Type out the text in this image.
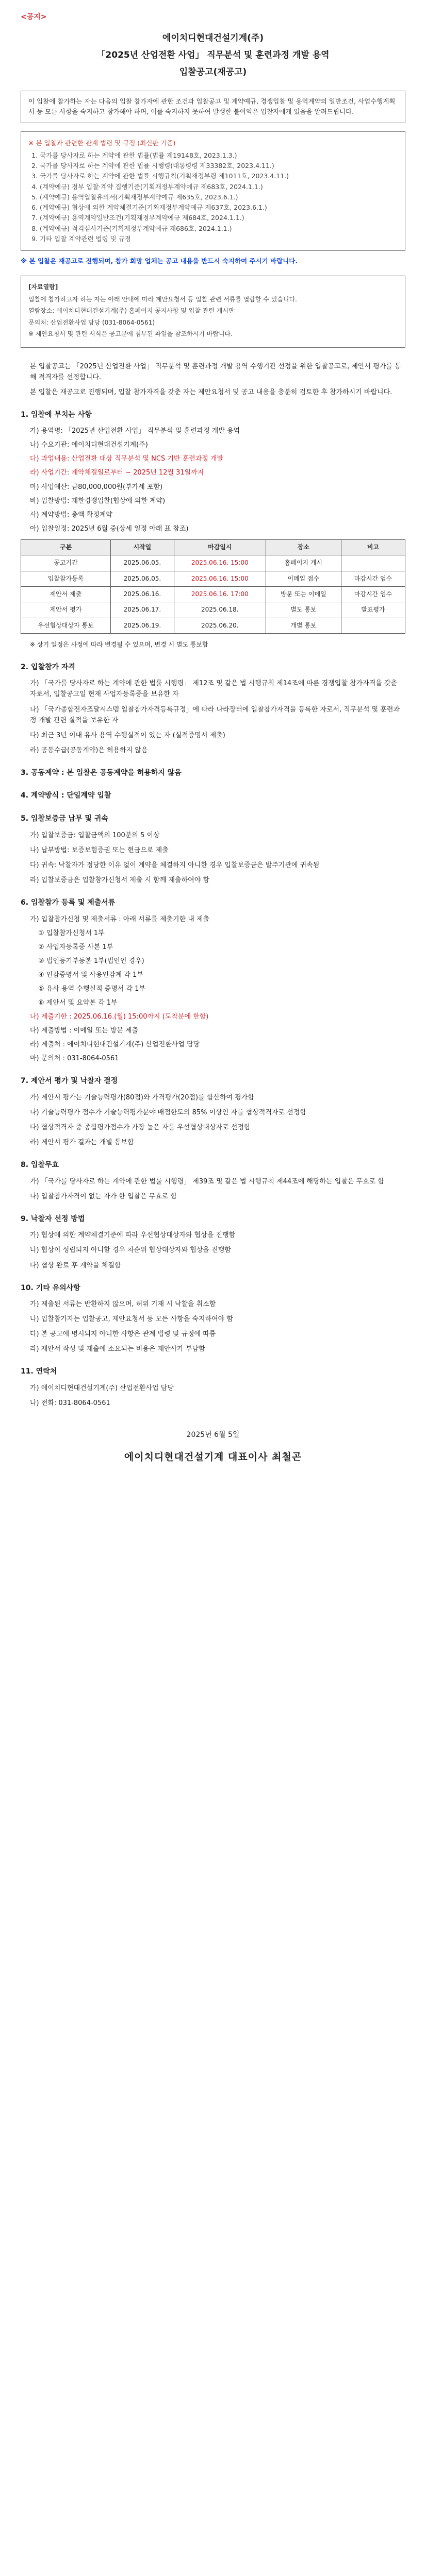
<공지>
에이치디현대건설기계(주)
「2025년 산업전환 사업」 직무분석 및 훈련과정 개발 용역
입찰공고(재공고)

이 입찰에 참가하는 자는 다음의 입찰 참가자에 관한 조건과 입찰공고 및 계약예규, 경쟁입찰 및 용역계약의 일반조건, 사업수행계획서 등 모든 사항을 숙지하고 참가해야 하며, 이를 숙지하지 못하여 발생한 불이익은 입찰자에게 있음을 알려드립니다.

※ 본 입찰과 관련한 관계 법령 및 규정 (최신판 기준)
1. 국가를 당사자로 하는 계약에 관한 법률(법률 제19148호, 2023.1.3.)
2. 국가를 당사자로 하는 계약에 관한 법률 시행령(대통령령 제33382호, 2023.4.11.)
3. 국가를 당사자로 하는 계약에 관한 법률 시행규칙(기획재정부령 제1011호, 2023.4.11.)
4. (계약예규) 정부 입찰·계약 집행기준(기획재정부계약예규 제683호, 2024.1.1.)
5. (계약예규) 용역입찰유의서(기획재정부계약예규 제635호, 2023.6.1.)
6. (계약예규) 협상에 의한 계약체결기준(기획재정부계약예규 제637호, 2023.6.1.)
7. (계약예규) 용역계약일반조건(기획재정부계약예규 제684호, 2024.1.1.)
8. (계약예규) 적격심사기준(기획재정부계약예규 제686호, 2024.1.1.)
9. 기타 입찰 계약관련 법령 및 규정
※ 본 입찰은 재공고로 진행되며, 참가 희망 업체는 공고 내용을 반드시 숙지하여 주시기 바랍니다.
[자료열람]

입찰에 참가하고자 하는 자는 아래 안내에 따라 제안요청서 등 입찰 관련 서류를 열람할 수 있습니다.

열람장소: 에이치디현대건설기계(주) 홈페이지 공지사항 및 입찰 관련 게시판

문의처: 산업전환사업 담당 (031-8064-0561)

※ 제안요청서 및 관련 서식은 공고문에 첨부된 파일을 참조하시기 바랍니다.

본 입찰공고는 「2025년 산업전환 사업」 직무분석 및 훈련과정 개발 용역 수행기관 선정을 위한 입찰공고로, 제안서 평가를 통해 적격자를 선정합니다.
본 입찰은 재공고로 진행되며, 입찰 참가자격을 갖춘 자는 제안요청서 및 공고 내용을 충분히 검토한 후 참가하시기 바랍니다.
1. 입찰에 부치는 사항
가) 용역명: 「2025년 산업전환 사업」 직무분석 및 훈련과정 개발 용역
나) 수요기관: 에이치디현대건설기계(주)
다) 과업내용: 산업전환 대상 직무분석 및 NCS 기반 훈련과정 개발
라) 사업기간: 계약체결일로부터 ~ 2025년 12월 31일까지
마) 사업예산: 금80,000,000원(부가세 포함)
바) 입찰방법: 제한경쟁입찰(협상에 의한 계약)
사) 계약방법: 총액 확정계약
아) 입찰일정: 2025년 6월 중(상세 일정 아래 표 참조)
구분	시작일	마감일시	장소	비고
공고기간	2025.06.05.	2025.06.16. 15:00	홈페이지 게시	
입찰참가등록	2025.06.05.	2025.06.16. 15:00	이메일 접수	마감시간 엄수
제안서 제출	2025.06.16.	2025.06.16. 17:00	방문 또는 이메일	마감시간 엄수
제안서 평가	2025.06.17.	2025.06.18.	별도 통보	발표평가
우선협상대상자 통보	2025.06.19.	2025.06.20.	개별 통보	
※ 상기 일정은 사정에 따라 변경될 수 있으며, 변경 시 별도 통보함
2. 입찰참가 자격
가) 「국가를 당사자로 하는 계약에 관한 법률 시행령」 제12조 및 같은 법 시행규칙 제14조에 따른 경쟁입찰 참가자격을 갖춘 자로서, 입찰공고일 현재 사업자등록증을 보유한 자
나) 「국가종합전자조달시스템 입찰참가자격등록규정」에 따라 나라장터에 입찰참가자격을 등록한 자로서, 직무분석 및 훈련과정 개발 관련 실적을 보유한 자
다) 최근 3년 이내 유사 용역 수행실적이 있는 자 (실적증명서 제출)
라) 공동수급(공동계약)은 허용하지 않음
3. 공동계약 : 본 입찰은 공동계약을 허용하지 않음
4. 계약방식 : 단일계약 입찰
5. 입찰보증금 납부 및 귀속
가) 입찰보증금: 입찰금액의 100분의 5 이상
나) 납부방법: 보증보험증권 또는 현금으로 제출
다) 귀속: 낙찰자가 정당한 이유 없이 계약을 체결하지 아니한 경우 입찰보증금은 발주기관에 귀속됨
라) 입찰보증금은 입찰참가신청서 제출 시 함께 제출하여야 함
6. 입찰참가 등록 및 제출서류
가) 입찰참가신청 및 제출서류 : 아래 서류를 제출기한 내 제출
① 입찰참가신청서 1부
② 사업자등록증 사본 1부
③ 법인등기부등본 1부(법인인 경우)
④ 인감증명서 및 사용인감계 각 1부
⑤ 유사 용역 수행실적 증명서 각 1부
⑥ 제안서 및 요약본 각 1부
나) 제출기한 : 2025.06.16.(월) 15:00까지 (도착분에 한함)
다) 제출방법 : 이메일 또는 방문 제출
라) 제출처 : 에이치디현대건설기계(주) 산업전환사업 담당
마) 문의처 : 031-8064-0561
7. 제안서 평가 및 낙찰자 결정
가) 제안서 평가는 기술능력평가(80점)와 가격평가(20점)를 합산하여 평가함
나) 기술능력평가 점수가 기술능력평가분야 배점한도의 85% 이상인 자를 협상적격자로 선정함
다) 협상적격자 중 종합평가점수가 가장 높은 자를 우선협상대상자로 선정함
라) 제안서 평가 결과는 개별 통보함
8. 입찰무효
가) 「국가를 당사자로 하는 계약에 관한 법률 시행령」 제39조 및 같은 법 시행규칙 제44조에 해당하는 입찰은 무효로 함
나) 입찰참가자격이 없는 자가 한 입찰은 무효로 함
9. 낙찰자 선정 방법
가) 협상에 의한 계약체결기준에 따라 우선협상대상자와 협상을 진행함
나) 협상이 성립되지 아니할 경우 차순위 협상대상자와 협상을 진행함
다) 협상 완료 후 계약을 체결함
10. 기타 유의사항
가) 제출된 서류는 반환하지 않으며, 허위 기재 시 낙찰을 취소함
나) 입찰참가자는 입찰공고, 제안요청서 등 모든 사항을 숙지하여야 함
다) 본 공고에 명시되지 아니한 사항은 관계 법령 및 규정에 따름
라) 제안서 작성 및 제출에 소요되는 비용은 제안사가 부담함
11. 연락처
가) 에이치디현대건설기계(주) 산업전환사업 담당
나) 전화: 031-8064-0561
2025년 6월 5일
에이치디현대건설기계 대표이사 최철곤
